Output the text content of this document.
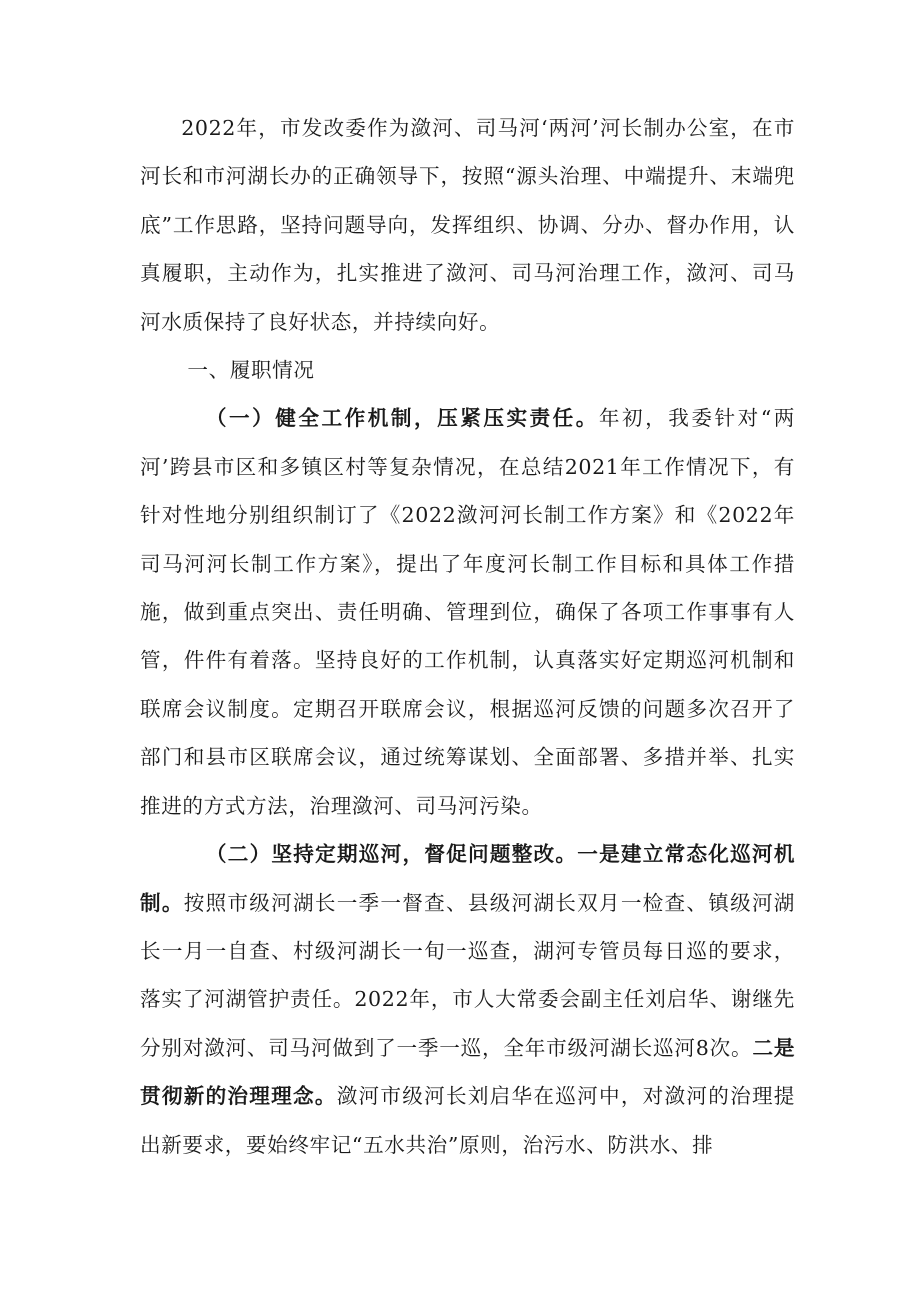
2022年，市发改委作为潋河、司马河‘两河’河长制办公室，在市河长和市河湖长办的正确领导下，按照“源头治理、中端提升、末端兜底”工作思路，坚持问题导向，发挥组织、协调、分办、督办作用，认真履职，主动作为，扎实推进了潋河、司马河治理工作，潋河、司马河水质保持了良好状态，并持续向好。

一、履职情况

（一）健全工作机制，压紧压实责任。年初，我委针对“两河’跨县市区和多镇区村等复杂情况，在总结2021年工作情况下，有针对性地分别组织制订了《2022潋河河长制工作方案》和《2022年司马河河长制工作方案》，提出了年度河长制工作目标和具体工作措施，做到重点突出、责任明确、管理到位，确保了各项工作事事有人管，件件有着落。坚持良好的工作机制，认真落实好定期巡河机制和联席会议制度。定期召开联席会议，根据巡河反馈的问题多次召开了部门和县市区联席会议，通过统筹谋划、全面部署、多措并举、扎实推进的方式方法，治理潋河、司马河污染。

（二）坚持定期巡河，督促问题整改。一是建立常态化巡河机制。按照市级河湖长一季一督查、县级河湖长双月一检查、镇级河湖长一月一自查、村级河湖长一旬一巡查，湖河专管员每日巡的要求，落实了河湖管护责任。2022年，市人大常委会副主任刘启华、谢继先分别对潋河、司马河做到了一季一巡，全年市级河湖长巡河8次。二是贯彻新的治理理念。潋河市级河长刘启华在巡河中，对潋河的治理提出新要求，要始终牢记“五水共治”原则，治污水、防洪水、排
